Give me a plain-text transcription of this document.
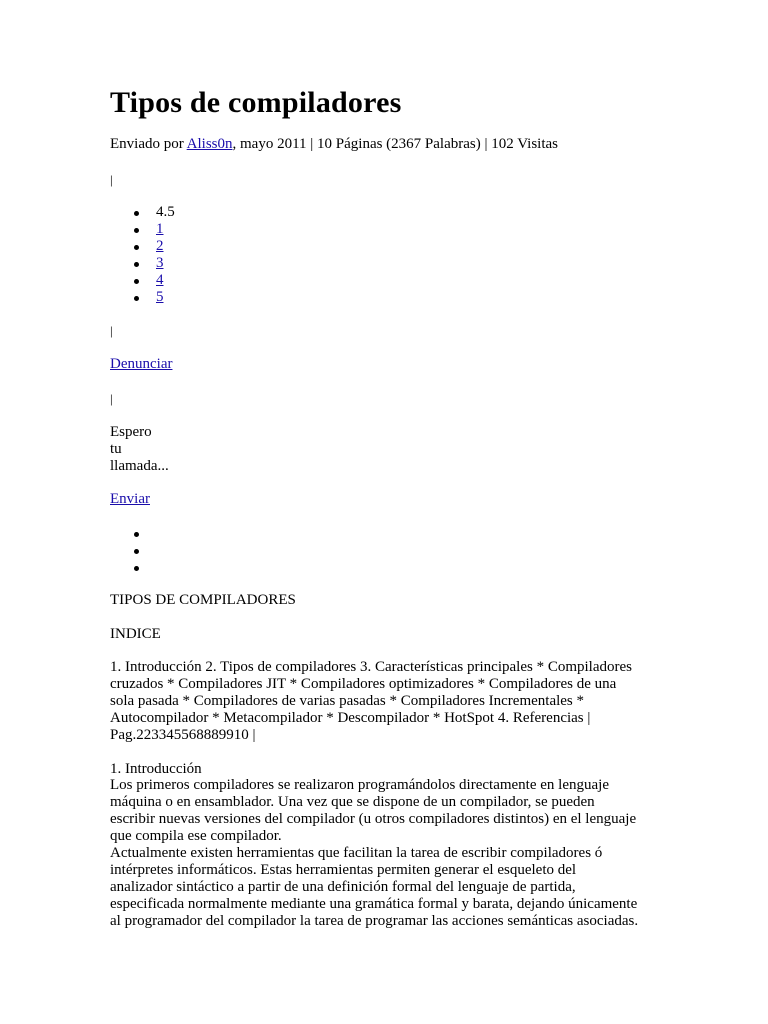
Tipos de compiladores
Enviado por Aliss0n, mayo 2011 | 10 Páginas (2367 Palabras) | 102 Visitas
|
4.5
1
2
3
4
5
|
Denunciar
|
Espero
tu
llamada...
Enviar
TIPOS DE COMPILADORES
INDICE
1. Introducción 2. Tipos de compiladores 3. Características principales * Compiladores
cruzados * Compiladores JIT * Compiladores optimizadores * Compiladores de una
sola pasada * Compiladores de varias pasadas * Compiladores Incrementales *
Autocompilador * Metacompilador * Descompilador * HotSpot 4. Referencias |
Pag.223345568889910 |
1. Introducción
Los primeros compiladores se realizaron programándolos directamente en lenguaje
máquina o en ensamblador. Una vez que se dispone de un compilador, se pueden
escribir nuevas versiones del compilador (u otros compiladores distintos) en el lenguaje
que compila ese compilador.
Actualmente existen herramientas que facilitan la tarea de escribir compiladores ó
intérpretes informáticos. Estas herramientas permiten generar el esqueleto del
analizador sintáctico a partir de una definición formal del lenguaje de partida,
especificada normalmente mediante una gramática formal y barata, dejando únicamente
al programador del compilador la tarea de programar las acciones semánticas asociadas.
